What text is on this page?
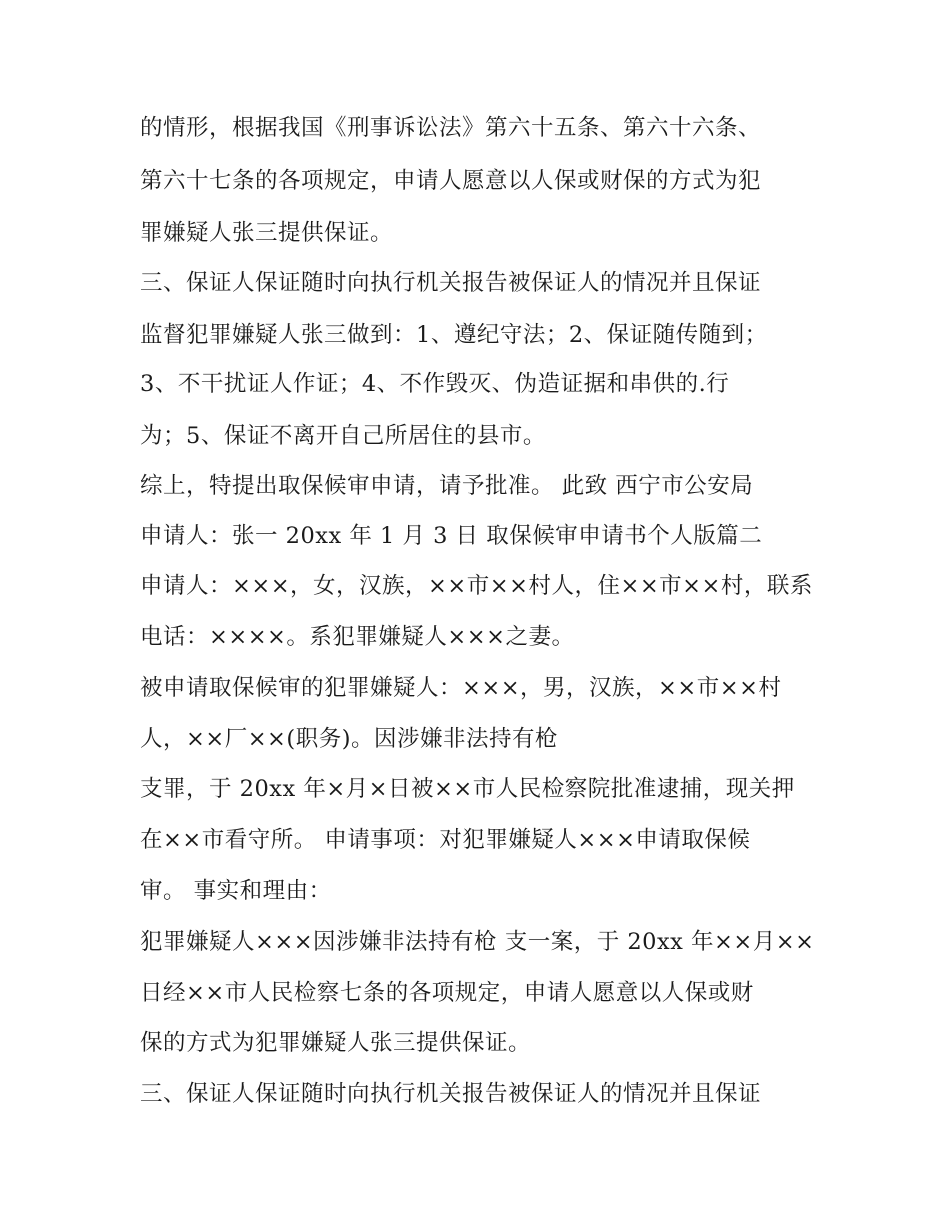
的情形，根据我国《刑事诉讼法》第六十五条、第六十六条、
第六十七条的各项规定，申请人愿意以人保或财保的方式为犯
罪嫌疑人张三提供保证。
三、保证人保证随时向执行机关报告被保证人的情况并且保证
监督犯罪嫌疑人张三做到：1、遵纪守法；2、保证随传随到；
3、不干扰证人作证；4、不作毁灭、伪造证据和串供的.行
为；5、保证不离开自己所居住的县市。
综上，特提出取保候审申请，请予批准。 此致 西宁市公安局
申请人：张一 20xx 年 1 月 3 日 取保候审申请书个人版篇二
申请人：×××，女，汉族，××市××村人，住××市××村，联系
电话：××××。系犯罪嫌疑人×××之妻。
被申请取保候审的犯罪嫌疑人：×××，男，汉族，××市××村
人，××厂××(职务)。因涉嫌非法持有枪
支罪，于 20xx 年×月×日被××市人民检察院批准逮捕，现关押
在××市看守所。 申请事项：对犯罪嫌疑人×××申请取保候
审。 事实和理由：
犯罪嫌疑人×××因涉嫌非法持有枪 支一案，于 20xx 年××月××
日经××市人民检察七条的各项规定，申请人愿意以人保或财
保的方式为犯罪嫌疑人张三提供保证。
三、保证人保证随时向执行机关报告被保证人的情况并且保证
